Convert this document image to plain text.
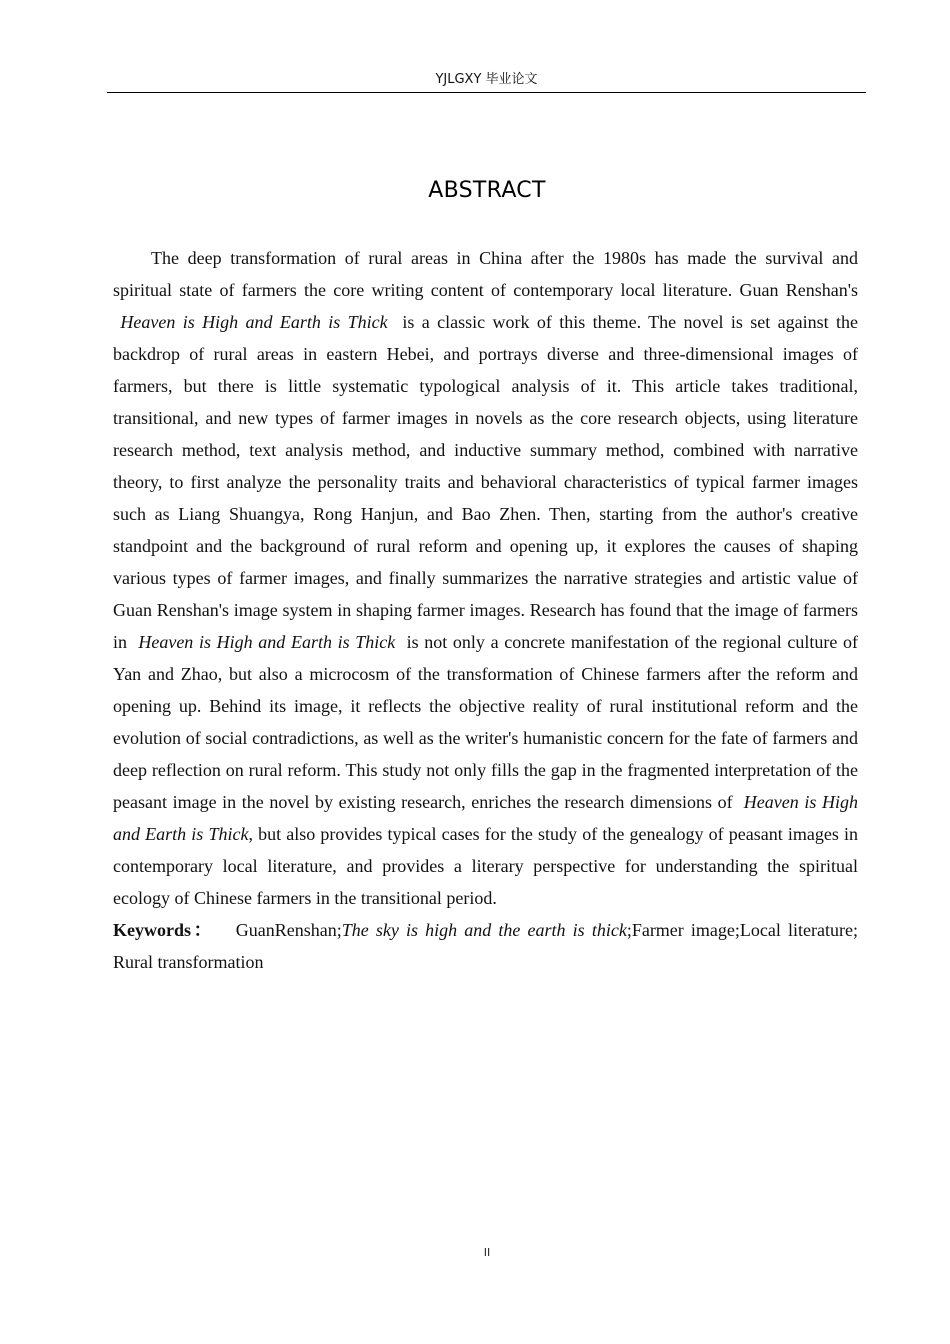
YJLGXY 毕业论文
ABSTRACT

The deep transformation of rural areas in China after the 1980s has made the survival and spiritual state of farmers the core writing content of contemporary local literature. Guan Renshan's  Heaven is High and Earth is Thick  is a classic work of this theme. The novel is set against the backdrop of rural areas in eastern Hebei, and portrays diverse and three-dimensional images of farmers, but there is little systematic typological analysis of it. This article takes traditional, transitional, and new types of farmer images in novels as the core research objects, using literature research method, text analysis method, and inductive summary method, combined with narrative theory, to first analyze the personality traits and behavioral characteristics of typical farmer images such as Liang Shuangya, Rong Hanjun, and Bao Zhen. Then, starting from the author's creative standpoint and the background of rural reform and opening up, it explores the causes of shaping various types of farmer images, and finally summarizes the narrative strategies and artistic value of Guan Renshan's image system in shaping farmer images. Research has found that the image of farmers in  Heaven is High and Earth is Thick  is not only a concrete manifestation of the regional culture of Yan and Zhao, but also a microcosm of the transformation of Chinese farmers after the reform and opening up. Behind its image, it reflects the objective reality of rural institutional reform and the evolution of social contradictions, as well as the writer's humanistic concern for the fate of farmers and deep reflection on rural reform. This study not only fills the gap in the fragmented interpretation of the peasant image in the novel by existing research, enriches the research dimensions of  Heaven is High and Earth is Thick, but also provides typical cases for the study of the genealogy of peasant images in contemporary local literature, and provides a literary perspective for understanding the spiritual ecology of Chinese farmers in the transitional period.

Keywords： GuanRenshan;The sky is high and the earth is thick;Farmer image;Local literature; Rural transformation

II
